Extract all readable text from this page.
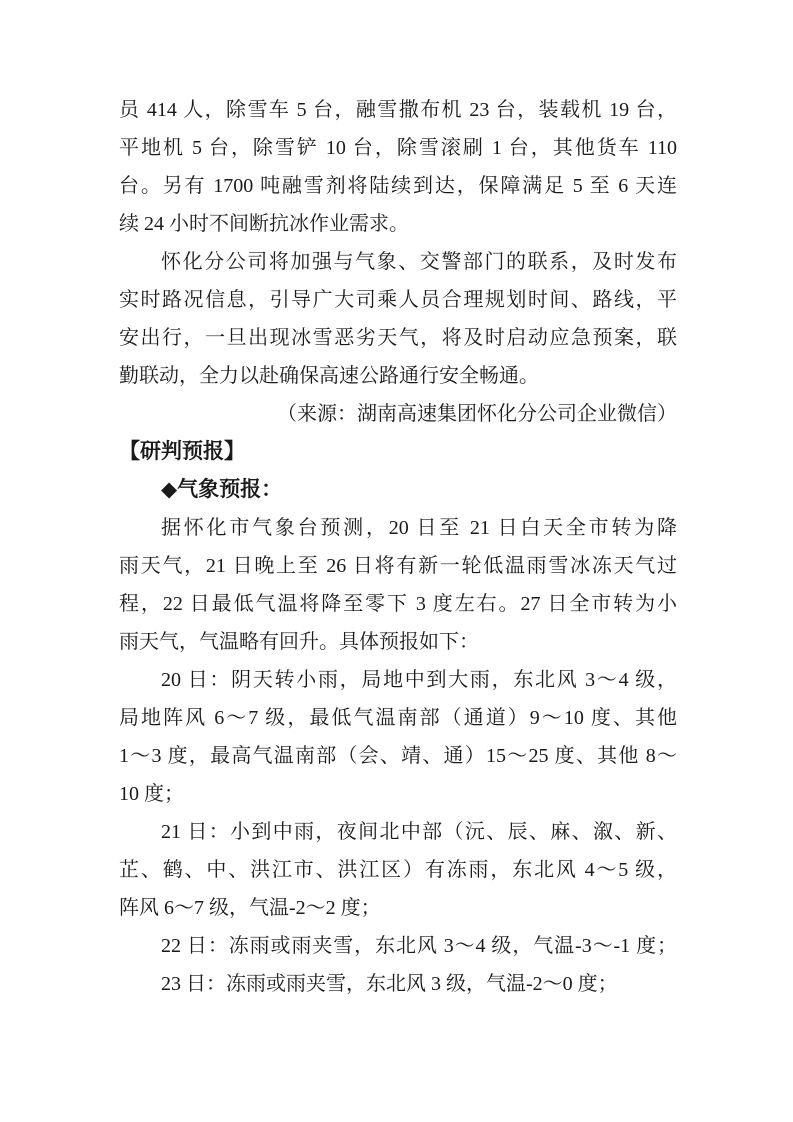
员 414 人，除雪车 5 台，融雪撒布机 23 台，装载机 19 台，
平地机 5 台，除雪铲 10 台，除雪滚刷 1 台，其他货车 110
台。另有 1700 吨融雪剂将陆续到达，保障满足 5 至 6 天连
续 24 小时不间断抗冰作业需求。
怀化分公司将加强与气象、交警部门的联系，及时发布
实时路况信息，引导广大司乘人员合理规划时间、路线，平
安出行，一旦出现冰雪恶劣天气，将及时启动应急预案，联
勤联动，全力以赴确保高速公路通行安全畅通。
（来源：湖南高速集团怀化分公司企业微信）
【研判预报】
◆气象预报：
据怀化市气象台预测，20 日至 21 日白天全市转为降
雨天气，21 日晚上至 26 日将有新一轮低温雨雪冰冻天气过
程，22 日最低气温将降至零下 3 度左右。27 日全市转为小
雨天气，气温略有回升。具体预报如下：
20 日：阴天转小雨，局地中到大雨，东北风 3～4 级，
局地阵风 6～7 级，最低气温南部（通道）9～10 度、其他
1～3 度，最高气温南部（会、靖、通）15～25 度、其他 8～
10 度；
21 日：小到中雨，夜间北中部（沅、辰、麻、溆、新、
芷、鹤、中、洪江市、洪江区）有冻雨，东北风 4～5 级，
阵风 6～7 级，气温-2～2 度；
22 日：冻雨或雨夹雪，东北风 3～4 级，气温-3～-1 度；
23 日：冻雨或雨夹雪，东北风 3 级，气温-2～0 度；
